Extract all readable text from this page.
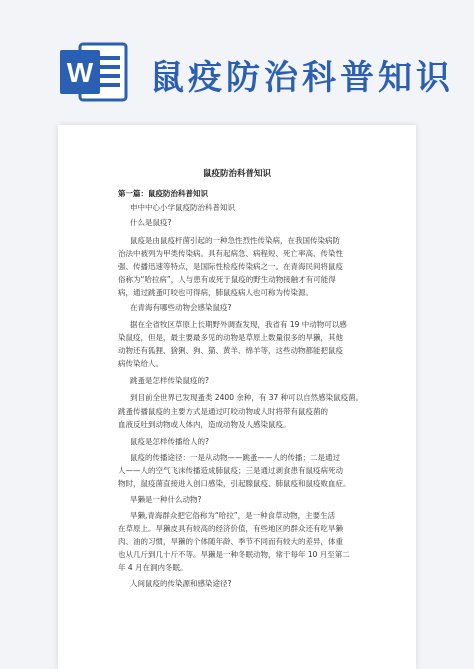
W 鼠疫防治科普知识
鼠疫防治科普知识
第一篇：鼠疫防治科普知识
申中中心小学鼠疫防治科普知识
什么是鼠疫?
鼠疫是由鼠疫杆菌引起的一种急性烈性传染病，在我国传染病防
治法中被列为甲类传染病。具有起病急、病程短、死亡率高、传染性
强、传播迅速等特点，是国际性检疫传染病之一。在青海民间将鼠疫
俗称为“哈拉病”，人与患有或死于鼠疫的野生动物接触才有可能得
病，通过跳蚤叮咬也可得病，肺鼠疫病人也可称为传染源。
在青海有哪些动物会感染鼠疫?
据在全省牧区草原上长期野外调查发现，我省有 19 中动物可以感
染鼠疫，但是，最主要最多见的动物是草原上数量很多的旱獭，其他
动物还有狐狸、猞猁、狗、猫、黄羊、绵羊等，这些动物都能把鼠疫
病传染给人。
跳蚤是怎样传染鼠疫的?
到目前全世界已发现蚤类 2400 余种，有 37 种可以自然感染鼠疫菌。
跳蚤传播鼠疫的主要方式是通过叮咬动物或人时将带有鼠疫菌的
血液反吐到动物或人体内，造成动物及人感染鼠疫。
鼠疫是怎样传播给人的?
鼠疫的传播途径：一是从动物——跳蚤——人的传播；二是通过
人——人的空气飞沫传播造成肺鼠疫；三是通过剥食患有鼠疫病死动
物时，鼠疫菌直接进入创口感染，引起腺鼠疫、肺鼠疫和鼠疫败血症。
旱獭是一种什么动物?
旱獭,青海群众把它俗称为“哈拉”，是一种食草动物，主要生活
在草原上。旱獭皮具有较高的经济价值，有些地区的群众还有吃旱獭
肉、油的习惯，旱獭的个体随年龄、季节不同而有较大的差异，体重
也从几斤到几十斤不等。旱獭是一种冬眠动物，常于每年 10 月至第二
年 4 月在洞内冬眠。
人间鼠疫的传染源和感染途径?
